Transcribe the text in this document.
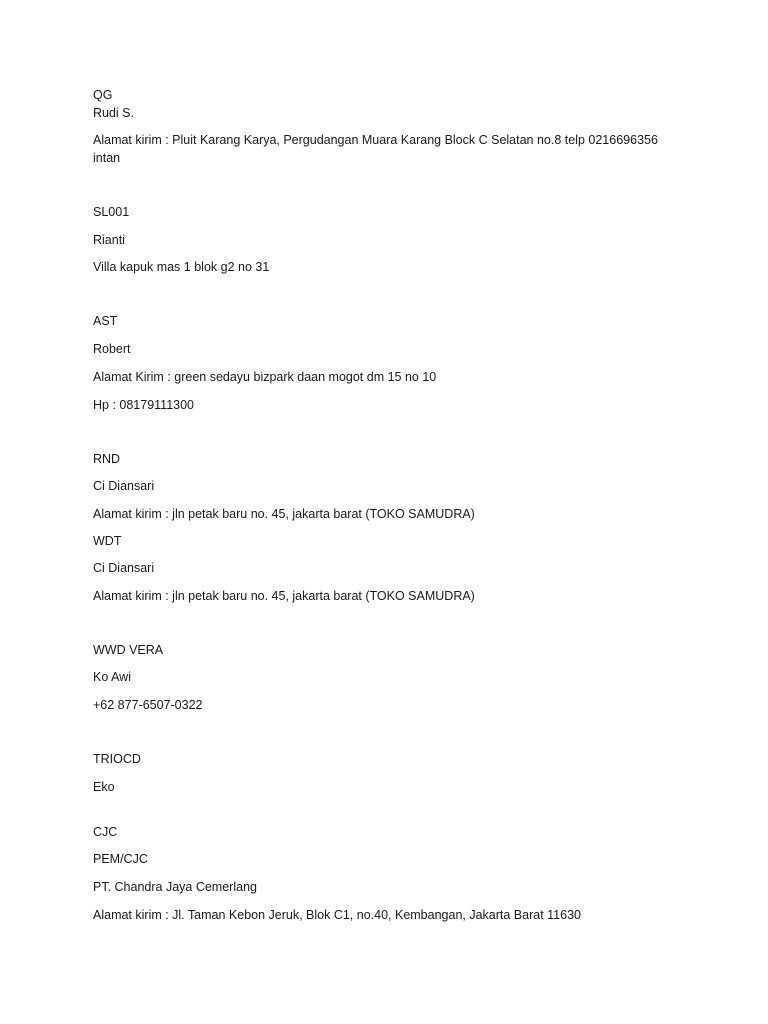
QG
Rudi S.
Alamat kirim : Pluit Karang Karya, Pergudangan Muara Karang Block C Selatan no.8 telp 0216696356
intan
SL001
Rianti
Villa kapuk mas 1 blok g2 no 31
AST
Robert
Alamat Kirim : green sedayu bizpark daan mogot dm 15 no 10
Hp : 08179111300
RND
Ci Diansari
Alamat kirim : jln petak baru no. 45, jakarta barat (TOKO SAMUDRA)
WDT
Ci Diansari
Alamat kirim : jln petak baru no. 45, jakarta barat (TOKO SAMUDRA)
WWD VERA
Ko Awi
+62 877-6507-0322
TRIOCD
Eko
CJC
PEM/CJC
PT. Chandra Jaya Cemerlang
Alamat kirim : Jl. Taman Kebon Jeruk, Blok C1, no.40, Kembangan, Jakarta Barat 11630
